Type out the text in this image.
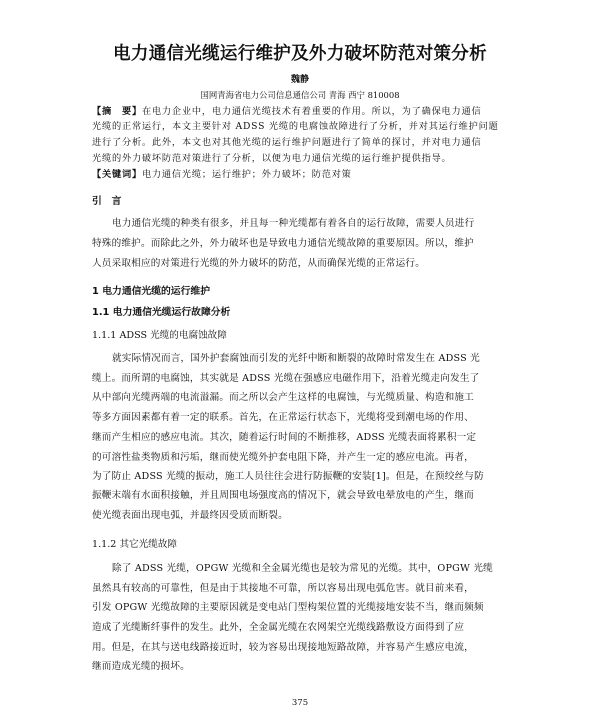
电力通信光缆运行维护及外力破坏防范对策分析
魏静
国网青海省电力公司信息通信公司 青海 西宁 810008
【摘　要】在电力企业中，电力通信光缆技术有着重要的作用。所以，为了确保电力通信
光缆的正常运行，本文主要针对 ADSS 光缆的电腐蚀故障进行了分析，并对其运行维护问题
进行了分析。此外，本文也对其他光缆的运行维护问题进行了简单的探讨，并对电力通信
光缆的外力破坏防范对策进行了分析，以便为电力通信光缆的运行维护提供指导。
【关键词】电力通信光缆；运行维护；外力破坏；防范对策
引　言
电力通信光缆的种类有很多，并且每一种光缆都有着各自的运行故障，需要人员进行
特殊的维护。而除此之外，外力破坏也是导致电力通信光缆故障的重要原因。所以，维护
人员采取相应的对策进行光缆的外力破坏的防范，从而确保光缆的正常运行。
1 电力通信光缆的运行维护
1.1 电力通信光缆运行故障分析
1.1.1 ADSS 光缆的电腐蚀故障
就实际情况而言，国外护套腐蚀而引发的光纤中断和断裂的故障时常发生在 ADSS 光
缆上。而所谓的电腐蚀，其实就是 ADSS 光缆在强感应电磁作用下，沿着光缆走向发生了
从中部向光缆两端的电流溢漏。而之所以会产生这样的电腐蚀，与光缆质量、构造和施工
等多方面因素都有着一定的联系。首先，在正常运行状态下，光缆将受到潮电场的作用、
继而产生相应的感应电流。其次，随着运行时间的不断推移，ADSS 光缆表面将累积一定
的可溶性盐类物质和污垢，继而使光缆外护套电阻下降，并产生一定的感应电流。再者，
为了防止 ADSS 光缆的振动，施工人员往往会进行防振鞭的安装[1]。但是，在预绞丝与防
振鞭末端有水面积接触，并且周围电场强度高的情况下，就会导致电晕放电的产生，继而
使光缆表面出现电弧，并最终因受质而断裂。
1.1.2 其它光缆故障
除了 ADSS 光缆，OPGW 光缆和全金属光缆也是较为常见的光缆。其中，OPGW 光缆
虽然具有较高的可靠性，但是由于其接地不可靠，所以容易出现电弧危害。就目前来看，
引发 OPGW 光缆故障的主要原因就是变电站门型构架位置的光缆接地安装不当，继而频频
造成了光缆断纤事件的发生。此外，全金属光缆在农网架空光缆线路敷设方面得到了应
用。但是，在其与送电线路接近时，较为容易出现接地短路故障，并容易产生感应电流，
继而造成光缆的损坏。
375
